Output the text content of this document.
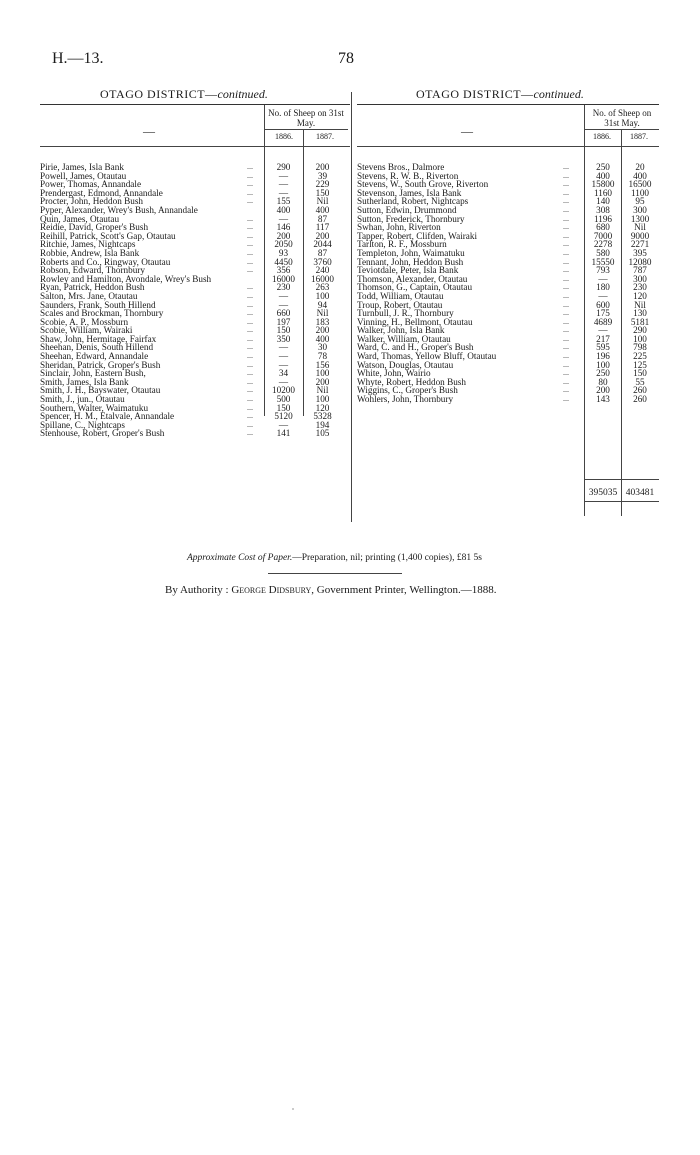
H.—13.	78
OTAGO DISTRICT—conitnued.	OTAGO DISTRICT—continued.
—
No. of Sheep on 31st May.
1886.	1887.
Pirie, James, Isla Bank	...	290	200
Powell, James, Otautau	...	—	39
Power, Thomas, Annandale	...	—	229
Prendergast, Edmond, Annandale	...	—	150
Procter, John, Heddon Bush	...	155	Nil
Pyper, Alexander, Wrey's Bush, Annandale	400	400
Quin, James, Otautau	...	—	87
Reidie, David, Groper's Bush	...	146	117
Reihill, Patrick, Scott's Gap, Otautau	...	200	200
Ritchie, James, Nightcaps	...	2050	2044
Robbie, Andrew, Isla Bank	...	93	87
Roberts and Co., Ringway, Otautau	...	4450	3760
Robson, Edward, Thornbury	...	356	240
Rowley and Hamilton, Avondale, Wrey's Bush	16000	16000
Ryan, Patrick, Heddon Bush	...	230	263
Salton, Mrs. Jane, Otautau	...	—	100
Saunders, Frank, South Hillend	...	—	94
Scales and Brockman, Thornbury	...	660	Nil
Scobie, A. P., Mossburn	...	197	183
Scobie, William, Wairaki	...	150	200
Shaw, John, Hermitage, Fairfax	...	350	400
Sheehan, Denis, South Hillend	...	—	30
Sheehan, Edward, Annandale	...	—	78
Sheridan, Patrick, Groper's Bush	...	—	156
Sinclair, John, Eastern Bush,	...	34	100
Smith, James, Isla Bank	...	—	200
Smith, J. H., Bayswater, Otautau	...	10200	Nil
Smith, J., jun., Otautau	...	500	100
Southern, Walter, Waimatuku	...	150	120
Spencer, H. M., Etalvale, Annandale	...	5120	5328
Spillane, C., Nightcaps	...	—	194
Stenhouse, Robert, Groper's Bush	...	141	105
—
No. of Sheep on 31st May.
1886. 1887.
Stevens Bros., Dalmore	...	250	20
Stevens, R. W. B., Riverton	...	400	400
Stevens, W., South Grove, Riverton	...	15800	16500
Stevenson, James, Isla Bank	...	1160	1100
Sutherland, Robert, Nightcaps	...	140	95
Sutton, Edwin, Drummond	...	308	300
Sutton, Frederick, Thornbury	...	1196	1300
Swhan, John, Riverton	...	680	Nil
Tapper, Robert, Clifden, Wairaki	...	7000	9000
Tarlton, R. F., Mossburn	...	2278	2271
Templeton, John, Waimatuku	...	580	395
Tennant, John, Heddon Bush	...	15550	12080
Teviotdale, Peter, Isla Bank	...	793	787
Thomson, Alexander, Otautau	...	—	300
Thomson, G., Captain, Otautau	...	180	230
Todd, William, Otautau	...	—	120
Troup, Robert, Otautau	...	600	Nil
Turnbull, J. R., Thornbury	...	175	130
Vinning, H., Bellmont, Otautau	...	4689	5181
Walker, John, Isla Bank	...	—	290
Walker, William, Otautau	...	217	100
Ward, C. and H., Groper's Bush	...	595	798
Ward, Thomas, Yellow Bluff, Otautau	...	196	225
Watson, Douglas, Otautau	...	100	125
White, John, Wairio	...	250	150
Whyte, Robert, Heddon Bush	...	80	55
Wiggins, C., Groper's Bush	...	200	260
Wohlers, John, Thornbury	...	143	260
395035 403481
Approximate Cost of Paper.—Preparation, nil; printing (1,400 copies), £81 5s
By Authority : George Didsbury, Government Printer, Wellington.—1888.
